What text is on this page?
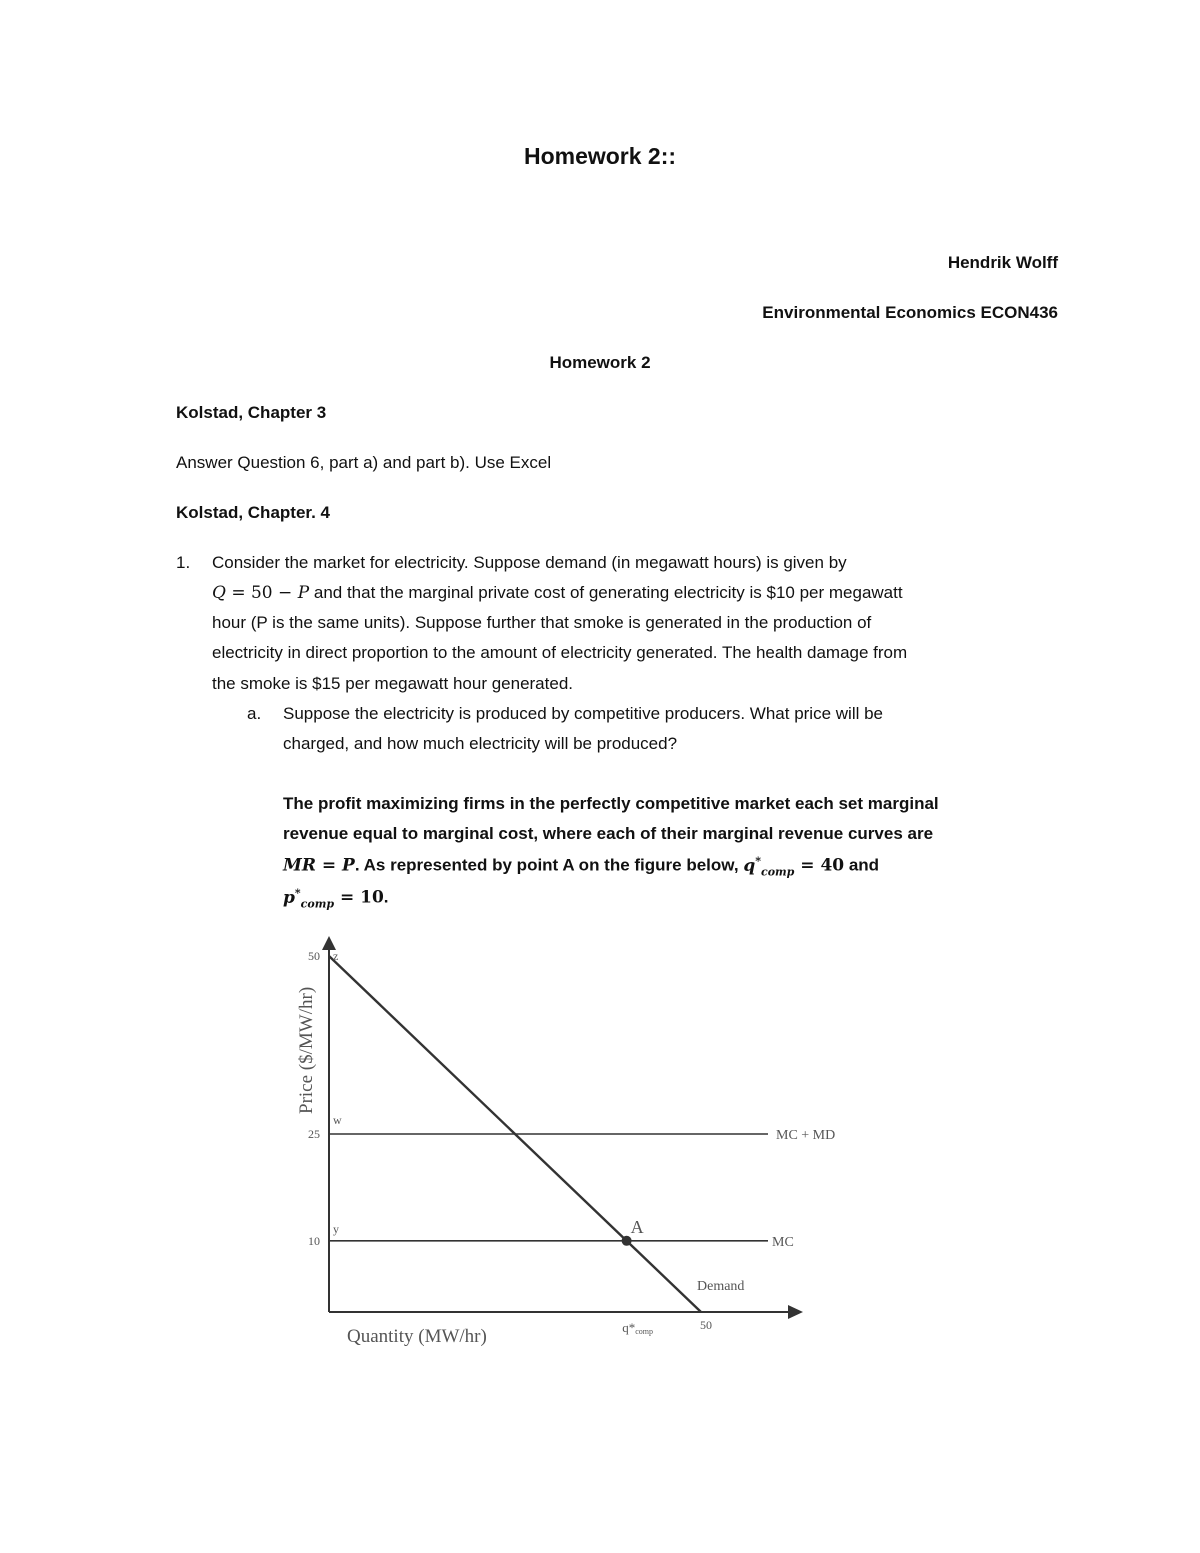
Homework 2::
Hendrik Wolff
Environmental Economics ECON436
Homework 2
Kolstad, Chapter 3
Answer Question 6, part a) and part b). Use Excel
Kolstad, Chapter. 4
1. Consider the market for electricity. Suppose demand (in megawatt hours) is given by
Q = 50 − P and that the marginal private cost of generating electricity is $10 per megawatt
hour (P is the same units). Suppose further that smoke is generated in the production of
electricity in direct proportion to the amount of electricity generated. The health damage from
the smoke is $15 per megawatt hour generated.
a. Suppose the electricity is produced by competitive producers. What price will be
charged, and how much electricity will be produced?
The profit maximizing firms in the perfectly competitive market each set marginal
revenue equal to marginal cost, where each of their marginal revenue curves are
MR = P. As represented by point A on the figure below, $q^*_{comp} = 40$ and
$p^*_{comp} = 10$.
A
MC + MD
MC
Demand
50
25
10
50
z
w
y
q*comp
Quantity (MW/hr)
Price ($/MW/hr)
